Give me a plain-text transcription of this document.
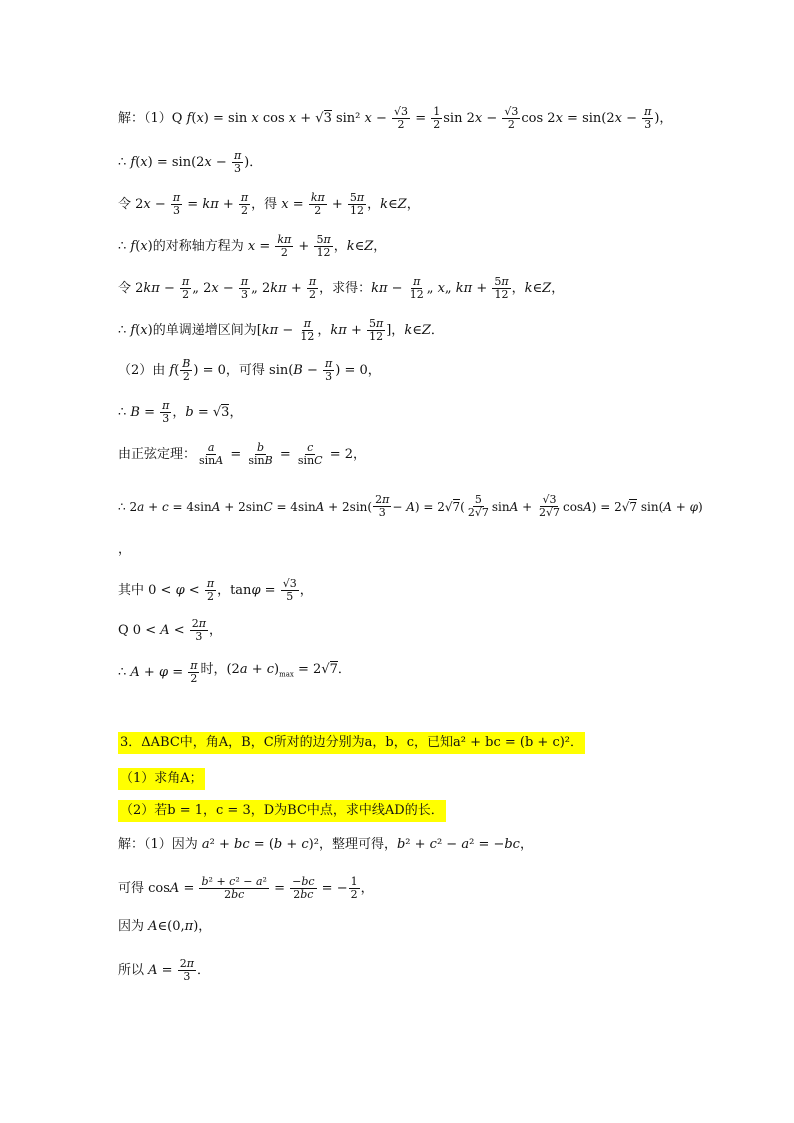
解：（1）Q f(x) = sin x cos x + √3 sin² $x - \frac{√3}{2} = \frac{1}{2}$ $\sin 2x - \frac{√3}{2}$ $\cos 2x = \sin(2x - \frac{\pi}{3}$ )，
∴ $f(x) = \sin(2x - \frac{\pi}{3}$ )．
令 $2x - \frac{\pi}{3} = k\pi + \frac{\pi}{2}$ ，得 $x = \frac{k\pi}{2} + \frac{5\pi}{12}$ ，k∈Z，
∴ f(x)的对称轴方程为 $x = \frac{k\pi}{2} + \frac{5\pi}{12}$ ，k∈Z，
令 $2k\pi - \frac{\pi}{2}$ „ $2x - \frac{\pi}{3}$ „ $2k\pi + \frac{\pi}{2}$ ，求得：$k\pi - \frac{\pi}{12}$ „ x„ $k\pi + \frac{5\pi}{12}$ ，k∈Z，
∴ f(x)的单调递增区间为[$k\pi - \frac{\pi}{12}$ ，$k\pi + \frac{5\pi}{12}$ ]，k∈Z．
（2）由 $f( \frac{B}{2}$ ) = 0，可得 $\sin(B - \frac{\pi}{3}$ ) = 0，
∴ $B = \frac{\pi}{3}$ ，b = √3，
由正弦定理： $\frac{a}{\sin A} = \frac{b}{\sin B} = \frac{c}{\sin C} = 2$，
∴ $2a + c = 4\sin A + 2\sin C = 4\sin A + 2\sin( \frac{2\pi}{3} - A) = 2√7( \frac{5}{2√7}$ $\sin A + \frac{√3}{2√7} \cos A) = 2√7$ sin(A + φ)
，
其中 $0 < \varphi < \frac{\pi}{2}$ ，$\tan\varphi = \frac{√3}{5}$ ，
Q $0 < A < \frac{2\pi}{3}$ ，
∴ $A + \varphi = \frac{\pi}{2}$ 时，$(2a + c)_{max} = 2√7$．
3．ΔABC中，角A，B，C所对的边分别为a，b，c，已知a² + bc = (b + c)²．
（1）求角A；
（2）若b = 1，c = 3，D为BC中点，求中线AD的长．
解：（1）因为 a² + bc = (b + c)²，整理可得，b² + c² − a² = −bc，
可得 $\cos A = \frac{\text{b² + c² − a²}}{2bc} = \frac{-bc}{2bc}$ = − $\frac{1}{2}$ ，
因为 A∈(0,π)，
所以 $A = \frac{2\pi}{3}$ ．
